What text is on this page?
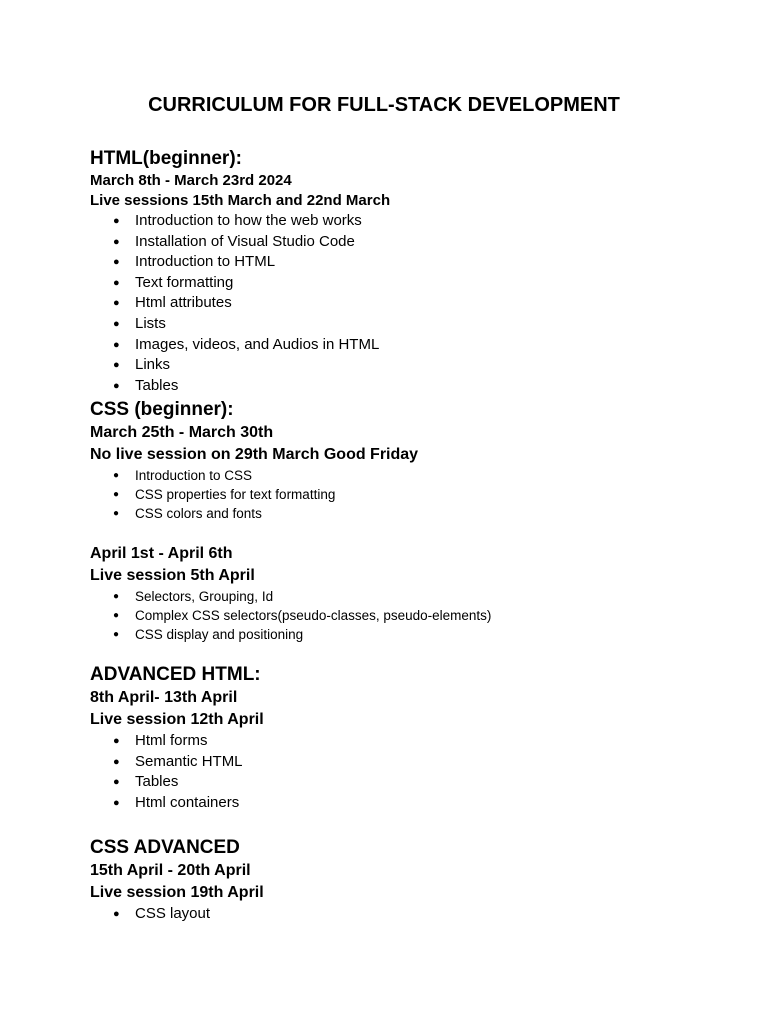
CURRICULUM FOR FULL-STACK DEVELOPMENT
HTML(beginner):
March 8th - March 23rd 2024
Live sessions 15th March and 22nd March
● Introduction to how the web works
● Installation of Visual Studio Code
● Introduction to HTML
● Text formatting
● Html attributes
● Lists
● Images, videos, and Audios in HTML
● Links
● Tables
CSS (beginner):
March 25th - March 30th
No live session on 29th March Good Friday
● Introduction to CSS
● CSS properties for text formatting
● CSS colors and fonts
April 1st - April 6th
Live session 5th April
● Selectors, Grouping, Id
● Complex CSS selectors(pseudo-classes, pseudo-elements)
● CSS display and positioning
ADVANCED HTML:
8th April- 13th April
Live session 12th April
● Html forms
● Semantic HTML
● Tables
● Html containers
CSS ADVANCED
15th April - 20th April
Live session 19th April
● CSS layout
